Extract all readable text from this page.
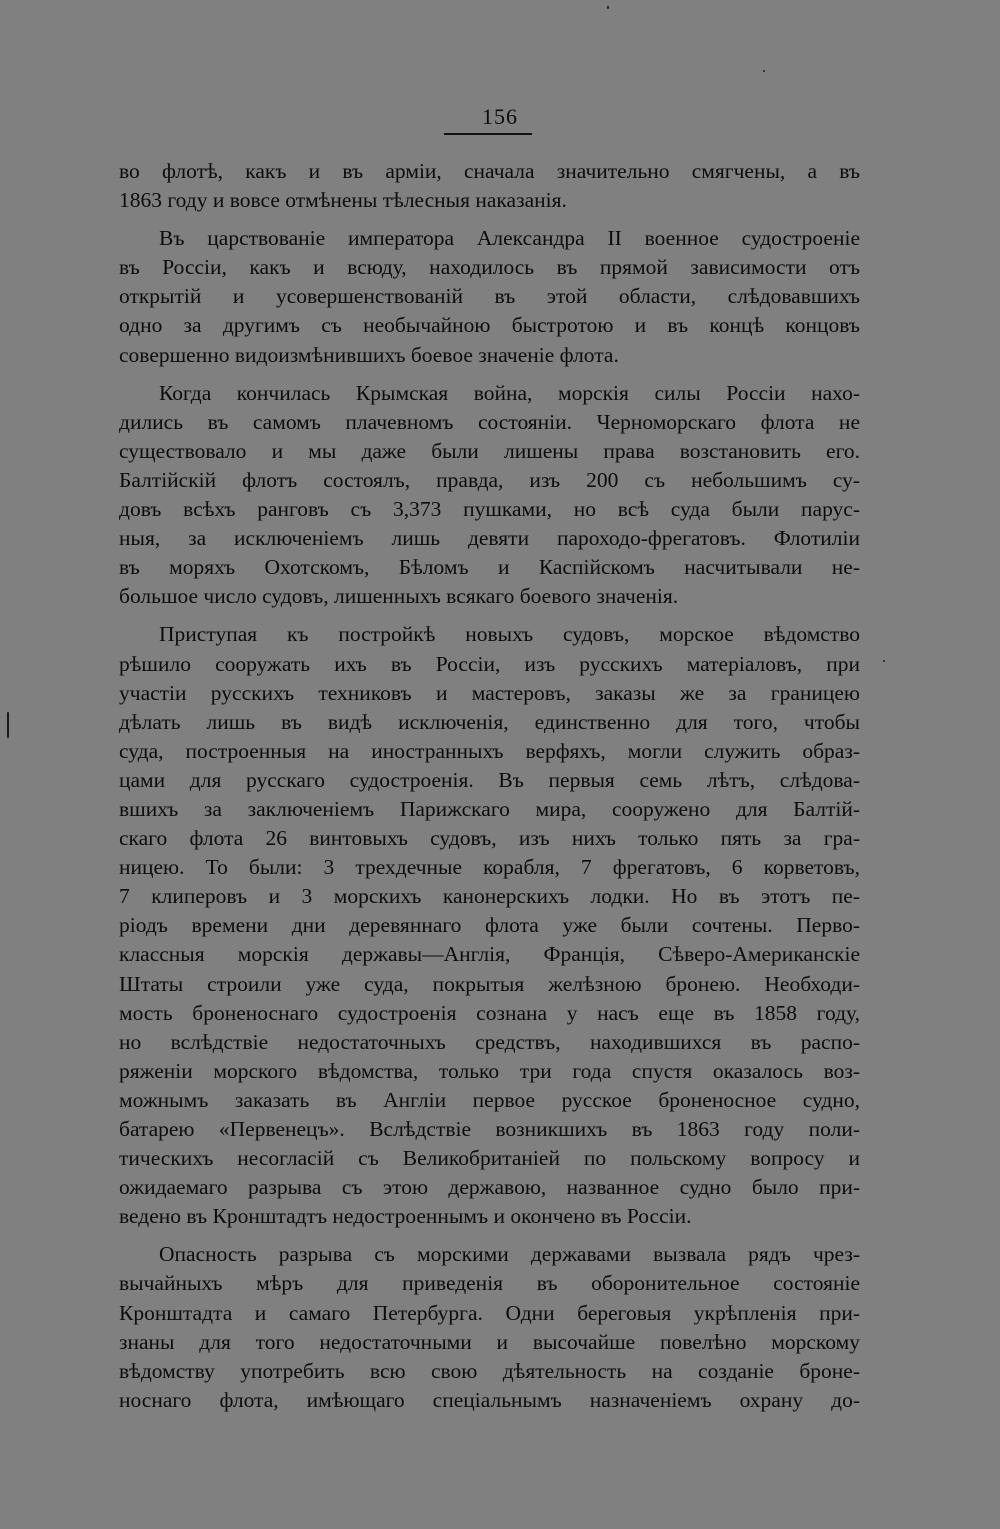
156
во флотѣ, какъ и въ арміи, сначала значительно смягчены, а въ
1863 году и вовсе отмѣнены тѣлесныя наказанія.
Въ царствованіе императора Александра II военное судостроеніе
въ Россіи, какъ и всюду, находилось въ прямой зависимости отъ
открытій и усовершенствованій въ этой области, слѣдовавшихъ
одно за другимъ съ необычайною быстротою и въ концѣ концовъ
совершенно видоизмѣнившихъ боевое значеніе флота.
Когда кончилась Крымская война, морскія силы Россіи нахо-
дились въ самомъ плачевномъ состояніи. Черноморскаго флота не
существовало и мы даже были лишены права возстановить его.
Балтійскій флотъ состоялъ, правда, изъ 200 съ небольшимъ су-
довъ всѣхъ ранговъ съ 3,373 пушками, но всѣ суда были парус-
ныя, за исключеніемъ лишь девяти пароходо-фрегатовъ. Флотиліи
въ моряхъ Охотскомъ, Бѣломъ и Каспійскомъ насчитывали не-
большое число судовъ, лишенныхъ всякаго боевого значенія.
Приступая къ постройкѣ новыхъ судовъ, морское вѣдомство
рѣшило сооружать ихъ въ Россіи, изъ русскихъ матеріаловъ, при
участіи русскихъ техниковъ и мастеровъ, заказы же за границею
дѣлать лишь въ видѣ исключенія, единственно для того, чтобы
суда, построенныя на иностранныхъ верфяхъ, могли служить образ-
цами для русскаго судостроенія. Въ первыя семь лѣтъ, слѣдова-
вшихъ за заключеніемъ Парижскаго мира, сооружено для Балтій-
скаго флота 26 винтовыхъ судовъ, изъ нихъ только пять за гра-
ницею. То были: 3 трехдечные корабля, 7 фрегатовъ, 6 корветовъ,
7 клиперовъ и 3 морскихъ канонерскихъ лодки. Но въ этотъ пе-
ріодъ времени дни деревяннаго флота уже были сочтены. Перво-
классныя морскія державы—Англія, Франція, Сѣверо-Американскіе
Штаты строили уже суда, покрытыя желѣзною бронею. Необходи-
мость броненоснаго судостроенія сознана у насъ еще въ 1858 году,
но вслѣдствіе недостаточныхъ средствъ, находившихся въ распо-
ряженіи морского вѣдомства, только три года спустя оказалось воз-
можнымъ заказать въ Англіи первое русское броненосное судно,
батарею «Первенецъ». Вслѣдствіе возникшихъ въ 1863 году поли-
тическихъ несогласій съ Великобританіей по польскому вопросу и
ожидаемаго разрыва съ этою державою, названное судно было при-
ведено въ Кронштадтъ недостроеннымъ и окончено въ Россіи.
Опасность разрыва съ морскими державами вызвала рядъ чрез-
вычайныхъ мѣръ для приведенія въ оборонительное состояніе
Кронштадта и самаго Петербурга. Одни береговыя укрѣпленія при-
знаны для того недостаточными и высочайше повелѣно морскому
вѣдомству употребить всю свою дѣятельность на созданіе броне-
носнаго флота, имѣющаго спеціальнымъ назначеніемъ охрану до-
